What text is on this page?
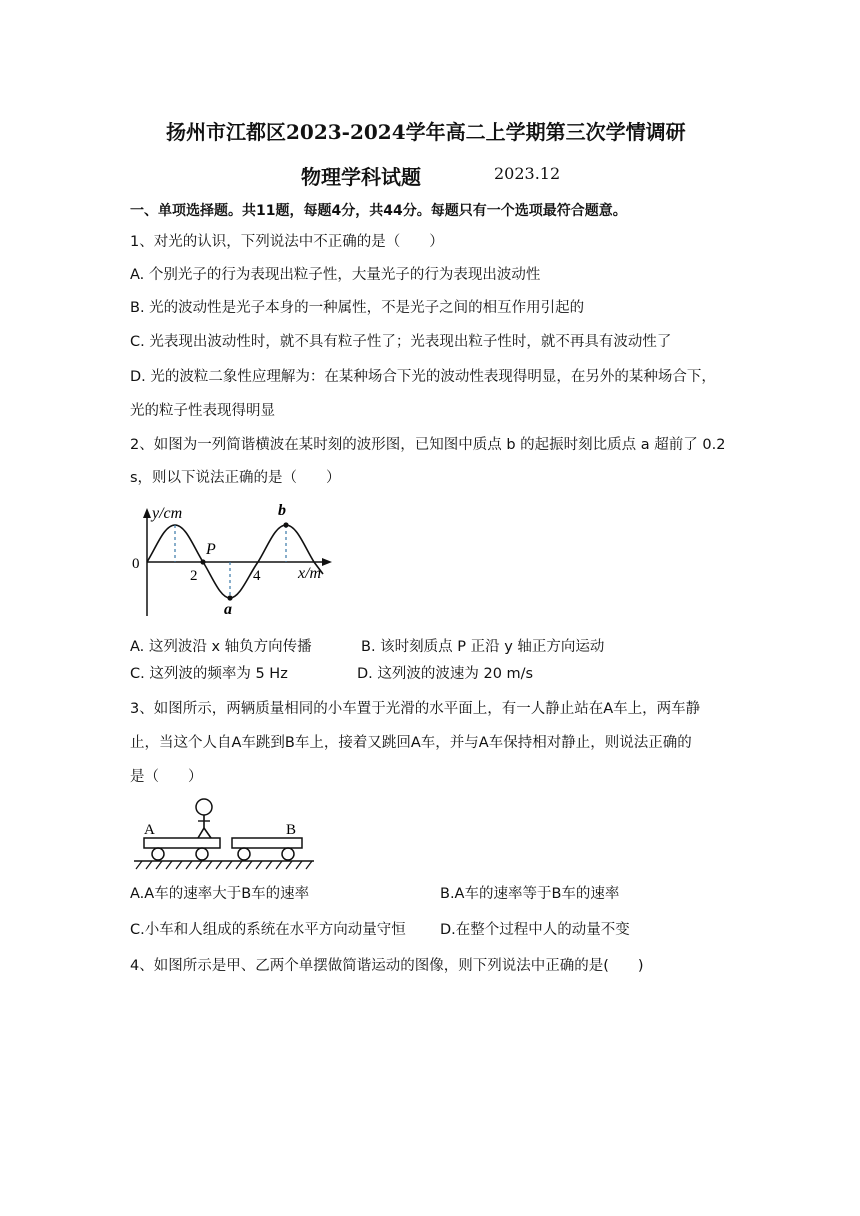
扬州市江都区2023-2024学年高二上学期第三次学情调研
物理学科试题	2023.12
一、单项选择题。共11题，每题4分，共44分。每题只有一个选项最符合题意。
1、对光的认识，下列说法中不正确的是（　　）
A. 个别光子的行为表现出粒子性，大量光子的行为表现出波动性
B. 光的波动性是光子本身的一种属性，不是光子之间的相互作用引起的
C. 光表现出波动性时，就不具有粒子性了；光表现出粒子性时，就不再具有波动性了
D. 光的波粒二象性应理解为：在某种场合下光的波动性表现得明显，在另外的某种场合下，
光的粒子性表现得明显
2、如图为一列简谐横波在某时刻的波形图，已知图中质点 b 的起振时刻比质点 a 超前了 0.2
s，则以下说法正确的是（　　）
y/cm
0
2	4 x/m
P
a
b
A. 这列波沿 x 轴负方向传播	B. 该时刻质点 P 正沿 y 轴正方向运动
C. 这列波的频率为 5 Hz	D. 这列波的波速为 20 m/s
3、如图所示，两辆质量相同的小车置于光滑的水平面上，有一人静止站在A车上，两车静
止，当这个人自A车跳到B车上，接着又跳回A车，并与A车保持相对静止，则说法正确的
是（　　）
A	B
A.A车的速率大于B车的速率	B.A车的速率等于B车的速率
C.小车和人组成的系统在水平方向动量守恒 D.在整个过程中人的动量不变
4、如图所示是甲、乙两个单摆做简谐运动的图像，则下列说法中正确的是(　　)
